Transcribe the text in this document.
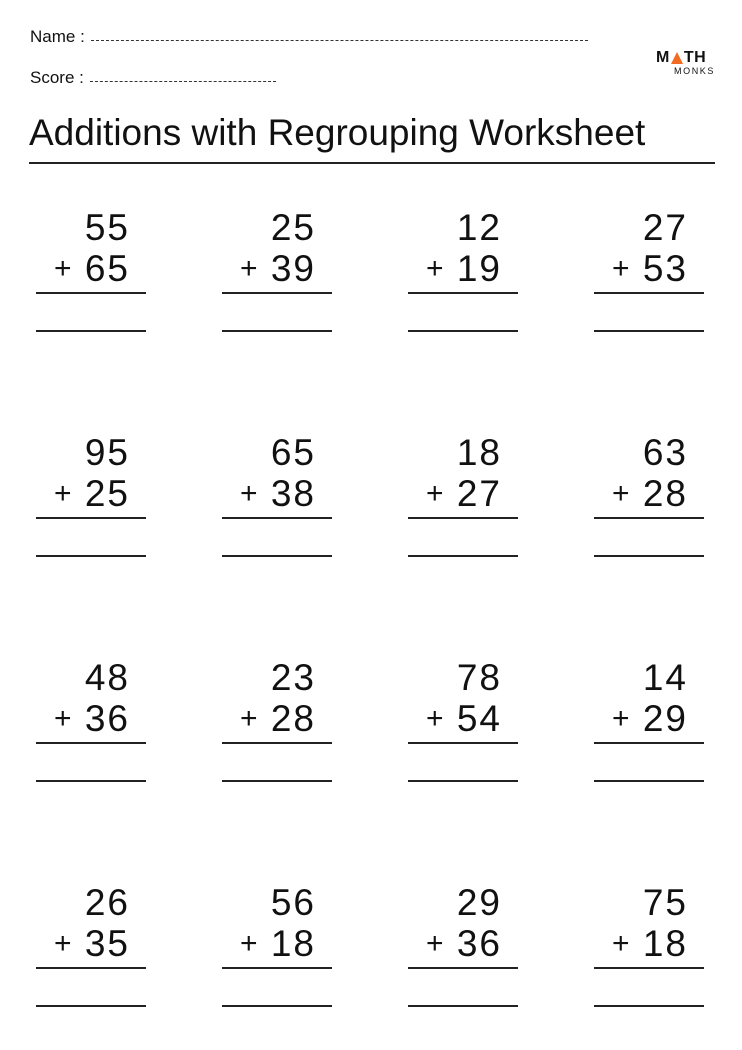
Name :
Score :
M TH
MONKS
Additions with Regrouping Worksheet
55
+ 65
25
+ 39
12
+ 19
27
+ 53
95
+ 25
65
+ 38
18
+ 27
63
+ 28
48
+ 36
23
+ 28
78
+ 54
14
+ 29
26
+ 35
56
+ 18
29
+ 36
75
+ 18
